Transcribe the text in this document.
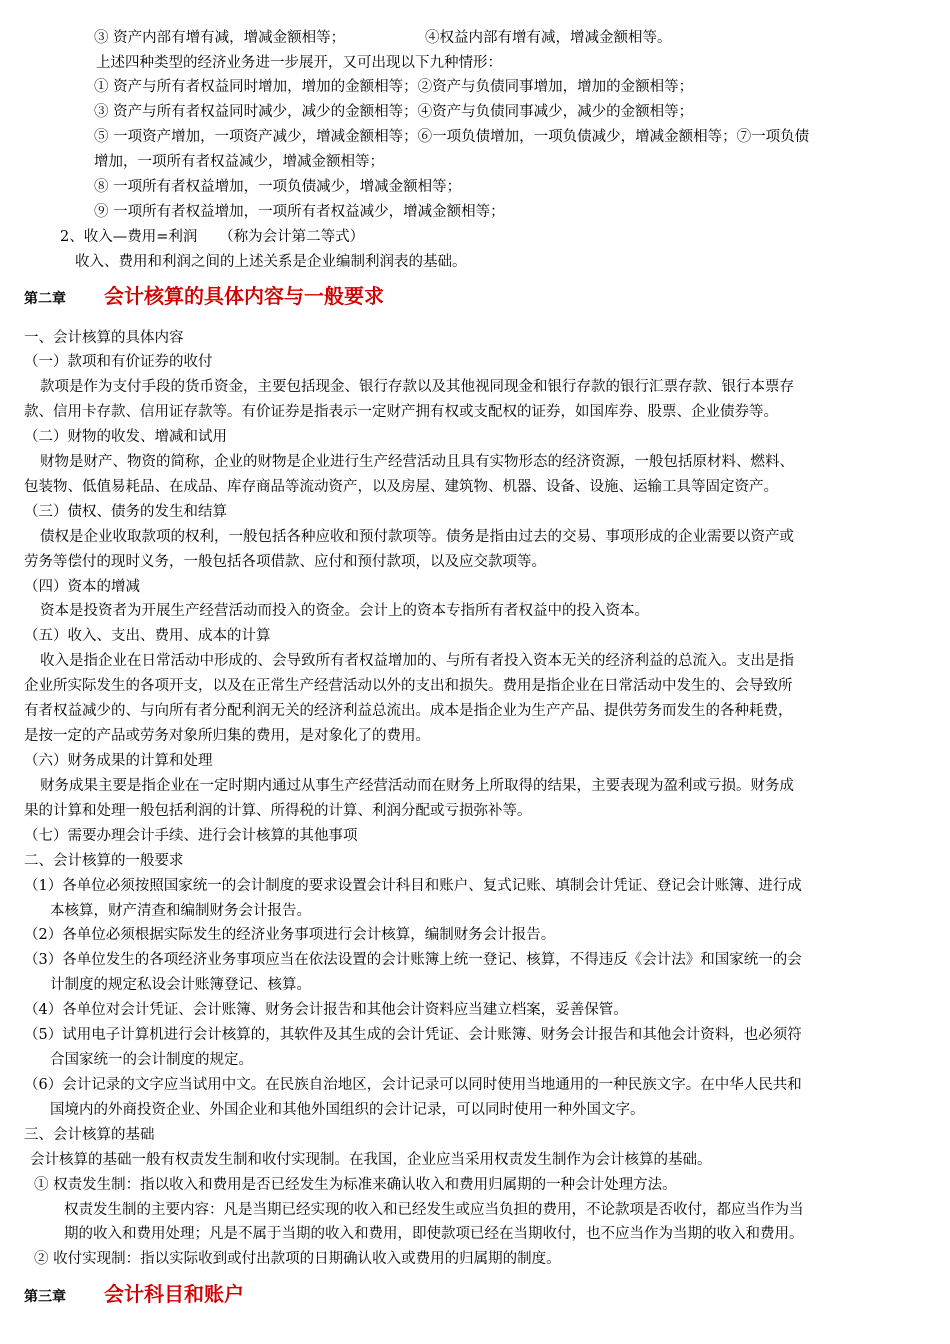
③ 资产内部有增有减，增减金额相等；	④权益内部有增有减，增减金额相等。
上述四种类型的经济业务进一步展开，又可出现以下九种情形：
① 资产与所有者权益同时增加，增加的金额相等；②资产与负债同事增加，增加的金额相等；
③ 资产与所有者权益同时减少，减少的金额相等；④资产与负债同事减少，减少的金额相等；
⑤ 一项资产增加，一项资产减少，增减金额相等；⑥一项负债增加，一项负债减少，增减金额相等；⑦一项负债
增加，一项所有者权益减少，增减金额相等；
⑧ 一项所有者权益增加，一项负债减少，增减金额相等；
⑨ 一项所有者权益增加，一项所有者权益减少，增减金额相等；
2、收入—费用=利润　　（称为会计第二等式）
收入、费用和利润之间的上述关系是企业编制利润表的基础。
第二章 会计核算的具体内容与一般要求
一、会计核算的具体内容
（一）款项和有价证券的收付
款项是作为支付手段的货币资金，主要包括现金、银行存款以及其他视同现金和银行存款的银行汇票存款、银行本票存
款、信用卡存款、信用证存款等。有价证券是指表示一定财产拥有权或支配权的证券，如国库券、股票、企业债券等。
（二）财物的收发、增减和试用
财物是财产、物资的简称，企业的财物是企业进行生产经营活动且具有实物形态的经济资源，一般包括原材料、燃料、
包装物、低值易耗品、在成品、库存商品等流动资产，以及房屋、建筑物、机器、设备、设施、运输工具等固定资产。
（三）债权、债务的发生和结算
债权是企业收取款项的权利，一般包括各种应收和预付款项等。债务是指由过去的交易、事项形成的企业需要以资产或
劳务等偿付的现时义务，一般包括各项借款、应付和预付款项，以及应交款项等。
（四）资本的增减
资本是投资者为开展生产经营活动而投入的资金。会计上的资本专指所有者权益中的投入资本。
（五）收入、支出、费用、成本的计算
收入是指企业在日常活动中形成的、会导致所有者权益增加的、与所有者投入资本无关的经济利益的总流入。支出是指
企业所实际发生的各项开支，以及在正常生产经营活动以外的支出和损失。费用是指企业在日常活动中发生的、会导致所
有者权益减少的、与向所有者分配利润无关的经济利益总流出。成本是指企业为生产产品、提供劳务而发生的各种耗费，
是按一定的产品或劳务对象所归集的费用，是对象化了的费用。
（六）财务成果的计算和处理
财务成果主要是指企业在一定时期内通过从事生产经营活动而在财务上所取得的结果，主要表现为盈利或亏损。财务成
果的计算和处理一般包括利润的计算、所得税的计算、利润分配或亏损弥补等。
（七）需要办理会计手续、进行会计核算的其他事项
二、会计核算的一般要求
（1）各单位必须按照国家统一的会计制度的要求设置会计科目和账户、复式记账、填制会计凭证、登记会计账簿、进行成
本核算，财产清查和编制财务会计报告。
（2）各单位必须根据实际发生的经济业务事项进行会计核算，编制财务会计报告。
（3）各单位发生的各项经济业务事项应当在依法设置的会计账簿上统一登记、核算，不得违反《会计法》和国家统一的会
计制度的规定私设会计账簿登记、核算。
（4）各单位对会计凭证、会计账簿、财务会计报告和其他会计资料应当建立档案，妥善保管。
（5）试用电子计算机进行会计核算的，其软件及其生成的会计凭证、会计账簿、财务会计报告和其他会计资料，也必须符
合国家统一的会计制度的规定。
（6）会计记录的文字应当试用中文。在民族自治地区，会计记录可以同时使用当地通用的一种民族文字。在中华人民共和
国境内的外商投资企业、外国企业和其他外国组织的会计记录，可以同时使用一种外国文字。
三、会计核算的基础
会计核算的基础一般有权责发生制和收付实现制。在我国，企业应当采用权责发生制作为会计核算的基础。
① 权责发生制：指以收入和费用是否已经发生为标准来确认收入和费用归属期的一种会计处理方法。
权责发生制的主要内容：凡是当期已经实现的收入和已经发生或应当负担的费用，不论款项是否收付，都应当作为当
期的收入和费用处理；凡是不属于当期的收入和费用，即使款项已经在当期收付，也不应当作为当期的收入和费用。
② 收付实现制：指以实际收到或付出款项的日期确认收入或费用的归属期的制度。
第三章 会计科目和账户
